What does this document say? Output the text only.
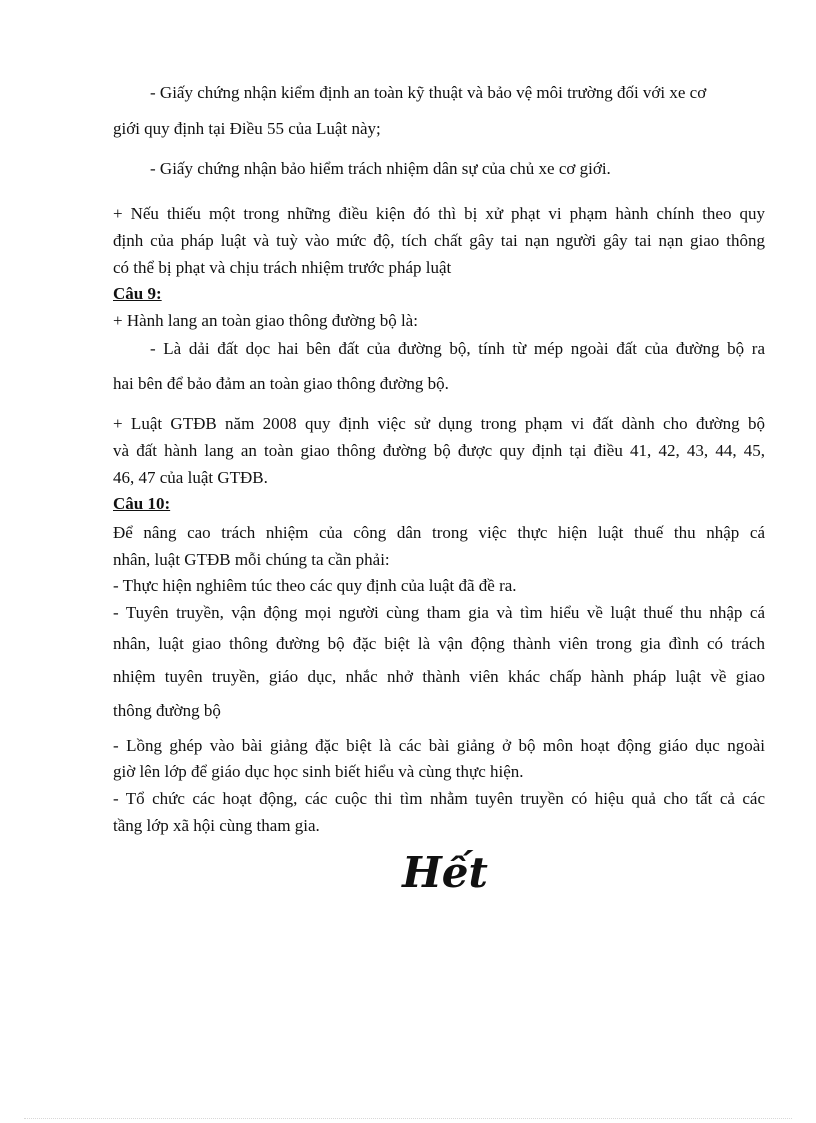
- Giấy chứng nhận kiểm định an toàn kỹ thuật và bảo vệ môi trường đối với xe cơ
giới quy định tại Điều 55 của Luật này;
- Giấy chứng nhận bảo hiểm trách nhiệm dân sự của chủ xe cơ giới.
+ Nếu thiếu một trong những điều kiện đó thì bị xử phạt vi phạm hành chính theo quy
định của pháp luật và tuỳ vào mức độ, tích chất gây tai nạn người gây tai nạn giao thông
có thể bị phạt và chịu trách nhiệm trước pháp luật
Câu 9:
+ Hành lang an toàn giao thông đường bộ là:
- Là dải đất dọc hai bên đất của đường bộ, tính từ mép ngoài đất của đường bộ ra
hai bên để bảo đảm an toàn giao thông đường bộ.
+ Luật GTĐB năm 2008 quy định việc sử dụng trong phạm vi đất dành cho đường bộ
và đất hành lang an toàn giao thông đường bộ được quy định tại điều 41, 42, 43, 44, 45,
46, 47 của luật GTĐB.
Câu 10:
Để nâng cao trách nhiệm của công dân trong việc thực hiện luật thuế thu nhập cá
nhân, luật GTĐB mỗi chúng ta cần phải:
- Thực hiện nghiêm túc theo các quy định của luật đã đề ra.
- Tuyên truyền, vận động mọi người cùng tham gia và tìm hiểu về luật thuế thu nhập cá
nhân, luật giao thông đường bộ đặc biệt là vận động thành viên trong gia đình có trách
nhiệm tuyên truyền, giáo dục, nhắc nhở thành viên khác chấp hành pháp luật về giao
thông đường bộ
- Lồng ghép vào bài giảng đặc biệt là các bài giảng ở bộ môn hoạt động giáo dục ngoài
giờ lên lớp để giáo dục học sinh biết hiểu và cùng thực hiện.
- Tổ chức các hoạt động, các cuộc thi tìm nhằm tuyên truyền có hiệu quả cho tất cả các
tầng lớp xã hội cùng tham gia.
Hết
